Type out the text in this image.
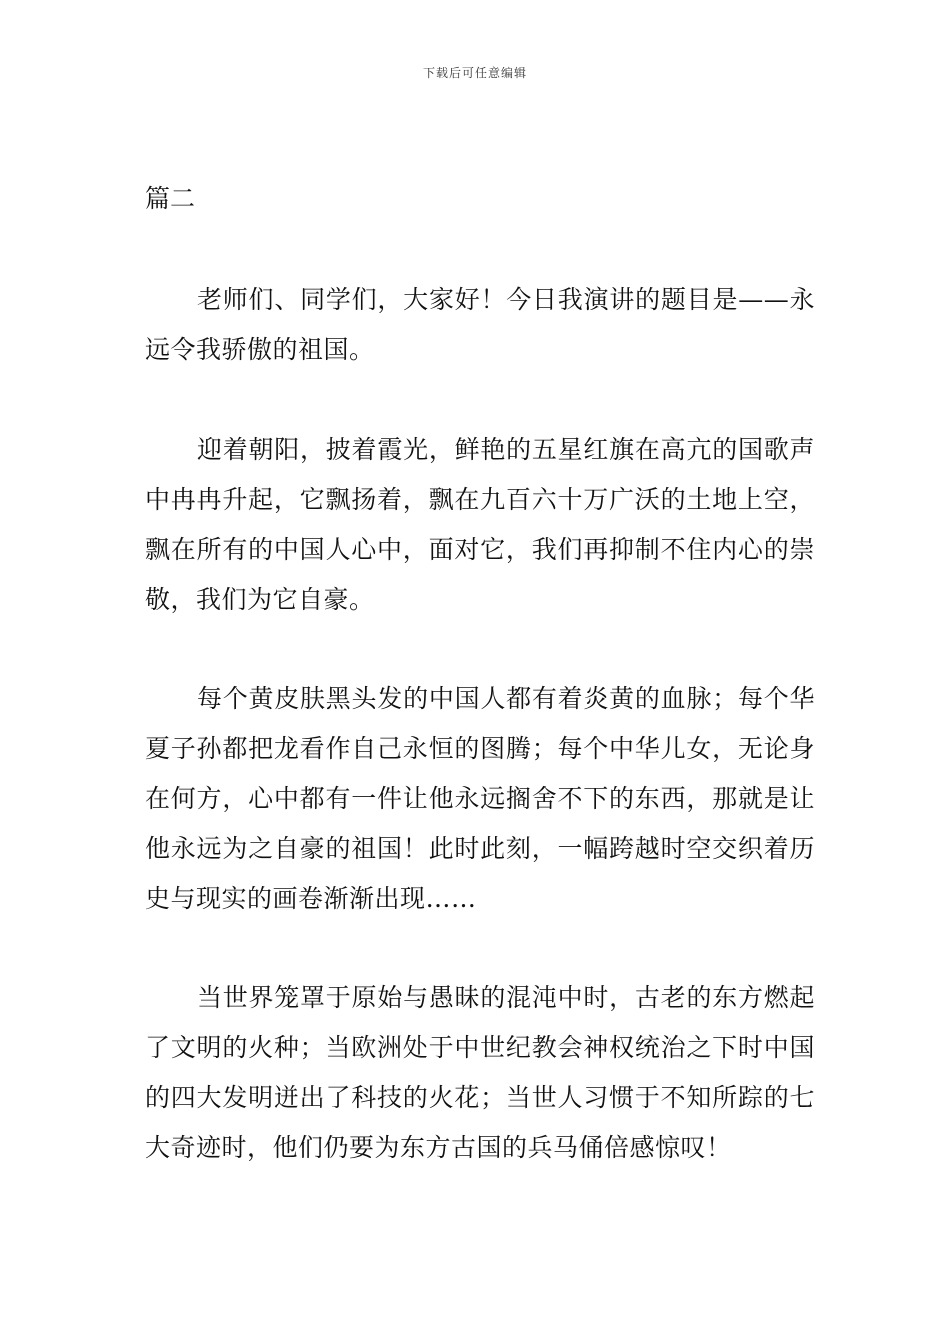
下载后可任意编辑
篇二

老师们、同学们，大家好！今日我演讲的题目是——永远令我骄傲的祖国。

迎着朝阳，披着霞光，鲜艳的五星红旗在高亢的国歌声中冉冉升起，它飘扬着，飘在九百六十万广沃的土地上空，飘在所有的中国人心中，面对它，我们再抑制不住内心的崇敬，我们为它自豪。

每个黄皮肤黑头发的中国人都有着炎黄的血脉；每个华夏子孙都把龙看作自己永恒的图腾；每个中华儿女，无论身在何方，心中都有一件让他永远搁舍不下的东西，那就是让他永远为之自豪的祖国！此时此刻，一幅跨越时空交织着历史与现实的画卷渐渐出现……

当世界笼罩于原始与愚昧的混沌中时，古老的东方燃起了文明的火种；当欧洲处于中世纪教会神权统治之下时中国的四大发明迸出了科技的火花；当世人习惯于不知所踪的七大奇迹时，他们仍要为东方古国的兵马俑倍感惊叹！
